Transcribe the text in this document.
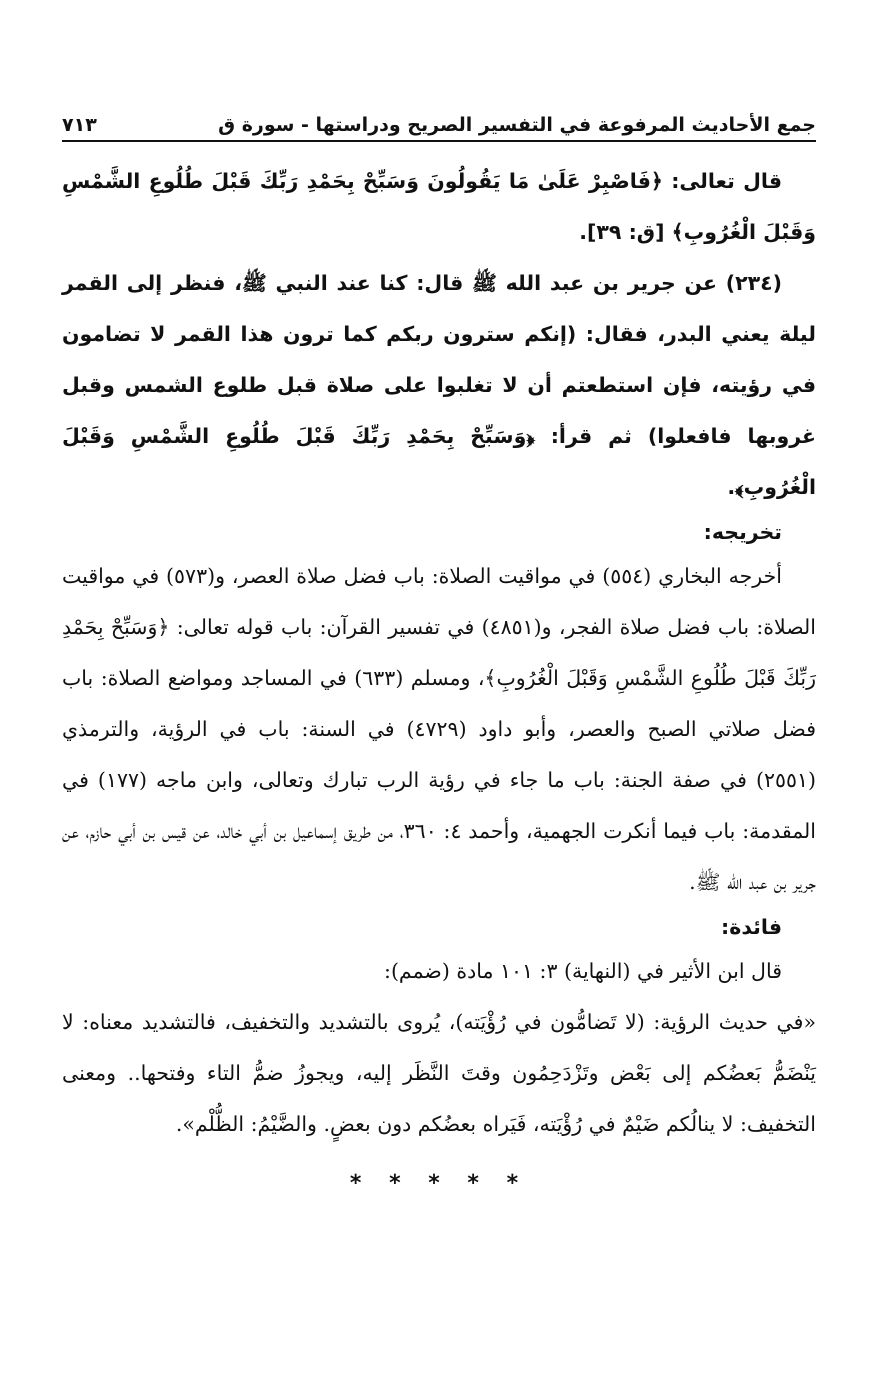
جمع الأحاديث المرفوعة في التفسير الصريح ودراستها - سورة ق
٧١٣

قال تعالى: ﴿فَاصْبِرْ عَلَىٰ مَا يَقُولُونَ وَسَبِّحْ بِحَمْدِ رَبِّكَ قَبْلَ طُلُوعِ الشَّمْسِ وَقَبْلَ الْغُرُوبِ﴾ [ق: ٣٩].

(٢٣٤) عن جرير بن عبد الله ﷺ قال: كنا عند النبي ﷺ، فنظر إلى القمر ليلة يعني البدر، فقال: (إنكم سترون ربكم كما ترون هذا القمر لا تضامون في رؤيته، فإن استطعتم أن لا تغلبوا على صلاة قبل طلوع الشمس وقبل غروبها فافعلوا) ثم قرأ: ﴿وَسَبِّحْ بِحَمْدِ رَبِّكَ قَبْلَ طُلُوعِ الشَّمْسِ وَقَبْلَ الْغُرُوبِ﴾.

تخريجه:

أخرجه البخاري (٥٥٤) في مواقيت الصلاة: باب فضل صلاة العصر، و(٥٧٣) في مواقيت الصلاة: باب فضل صلاة الفجر، و(٤٨٥١) في تفسير القرآن: باب قوله تعالى: ﴿وَسَبِّحْ بِحَمْدِ رَبِّكَ قَبْلَ طُلُوعِ الشَّمْسِ وَقَبْلَ الْغُرُوبِ﴾، ومسلم (٦٣٣) في المساجد ومواضع الصلاة: باب فضل صلاتي الصبح والعصر، وأبو داود (٤٧٢٩) في السنة: باب في الرؤية، والترمذي (٢٥٥١) في صفة الجنة: باب ما جاء في رؤية الرب تبارك وتعالى، وابن ماجه (١٧٧) في المقدمة: باب فيما أنكرت الجهمية، وأحمد ٤: ٣٦٠، من طريق إسماعيل بن أبي خالد، عن قيس بن أبي حازم، عن جرير بن عبد الله ﷺ.

فائدة:

قال ابن الأثير في (النهاية) ٣: ١٠١ مادة (ضمم):

«في حديث الرؤية: (لا تَضامُّون في رُؤْيَته)، يُروى بالتشديد والتخفيف، فالتشديد معناه: لا يَنْضَمُّ بَعضُكم إلى بَعْض وتَزْدَحِمُون وقتَ النَّظَر إليه، ويجوزُ ضمُّ التاء وفتحها.. ومعنى التخفيف: لا ينالُكم ضَيْمٌ في رُؤْيَته، فَيَراه بعضُكم دون بعضٍ. والضَّيْمُ: الظُّلْم».

* * * * *
